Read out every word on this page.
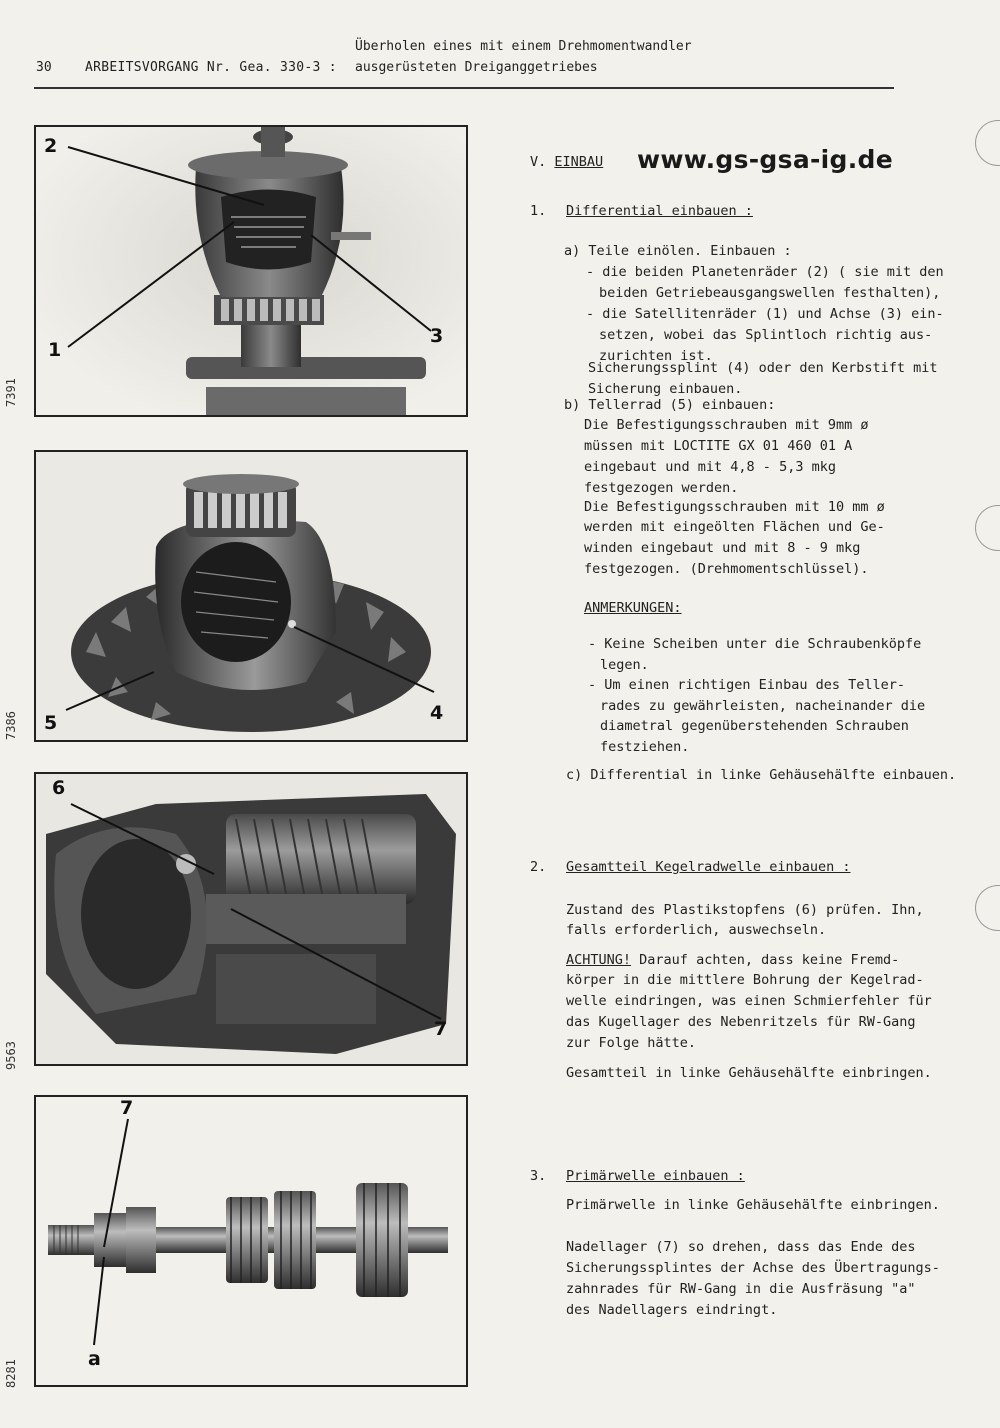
30	ARBEITSVORGANG Nr. Gea. 330-3 :
Überholen eines mit einem Drehmomentwandler
ausgerüsteten Dreiganggetriebes
2
1
3
7391
5	4
7386
6
7
9563
7
a
8281
V. EINBAU www.gs-gsa-ig.de
1. Differential einbauen :
a) Teile einölen. Einbauen :
- die beiden Planetenräder (2) ( sie mit den
beiden Getriebeausgangswellen festhalten),
- die Satellitenräder (1) und Achse (3) ein-
setzen, wobei das Splintloch richtig aus-
zurichten ist.
Sicherungssplint (4) oder den Kerbstift mit
Sicherung einbauen.
b) Tellerrad (5) einbauen:
Die Befestigungsschrauben mit 9mm ø
müssen mit LOCTITE GX 01 460 01 A
eingebaut und mit 4,8 - 5,3 mkg
festgezogen werden.
Die Befestigungsschrauben mit 10 mm ø
werden mit eingeölten Flächen und Ge-
winden eingebaut und mit 8 - 9 mkg
festgezogen. (Drehmomentschlüssel).
ANMERKUNGEN:
- Keine Scheiben unter die Schraubenköpfe
legen.
- Um einen richtigen Einbau des Teller-
rades zu gewährleisten, nacheinander die
diametral gegenüberstehenden Schrauben
festziehen.
c) Differential in linke Gehäusehälfte einbauen.
2. Gesamtteil Kegelradwelle einbauen :
Zustand des Plastikstopfens (6) prüfen. Ihn,
falls erforderlich, auswechseln.
ACHTUNG! Darauf achten, dass keine Fremd-
körper in die mittlere Bohrung der Kegelrad-
welle eindringen, was einen Schmierfehler für
das Kugellager des Nebenritzels für RW-Gang
zur Folge hätte.
Gesamtteil in linke Gehäusehälfte einbringen.
3. Primärwelle einbauen :
Primärwelle in linke Gehäusehälfte einbringen.
Nadellager (7) so drehen, dass das Ende des
Sicherungssplintes der Achse des Übertragungs-
zahnrades für RW-Gang in die Ausfräsung "a"
des Nadellagers eindringt.
